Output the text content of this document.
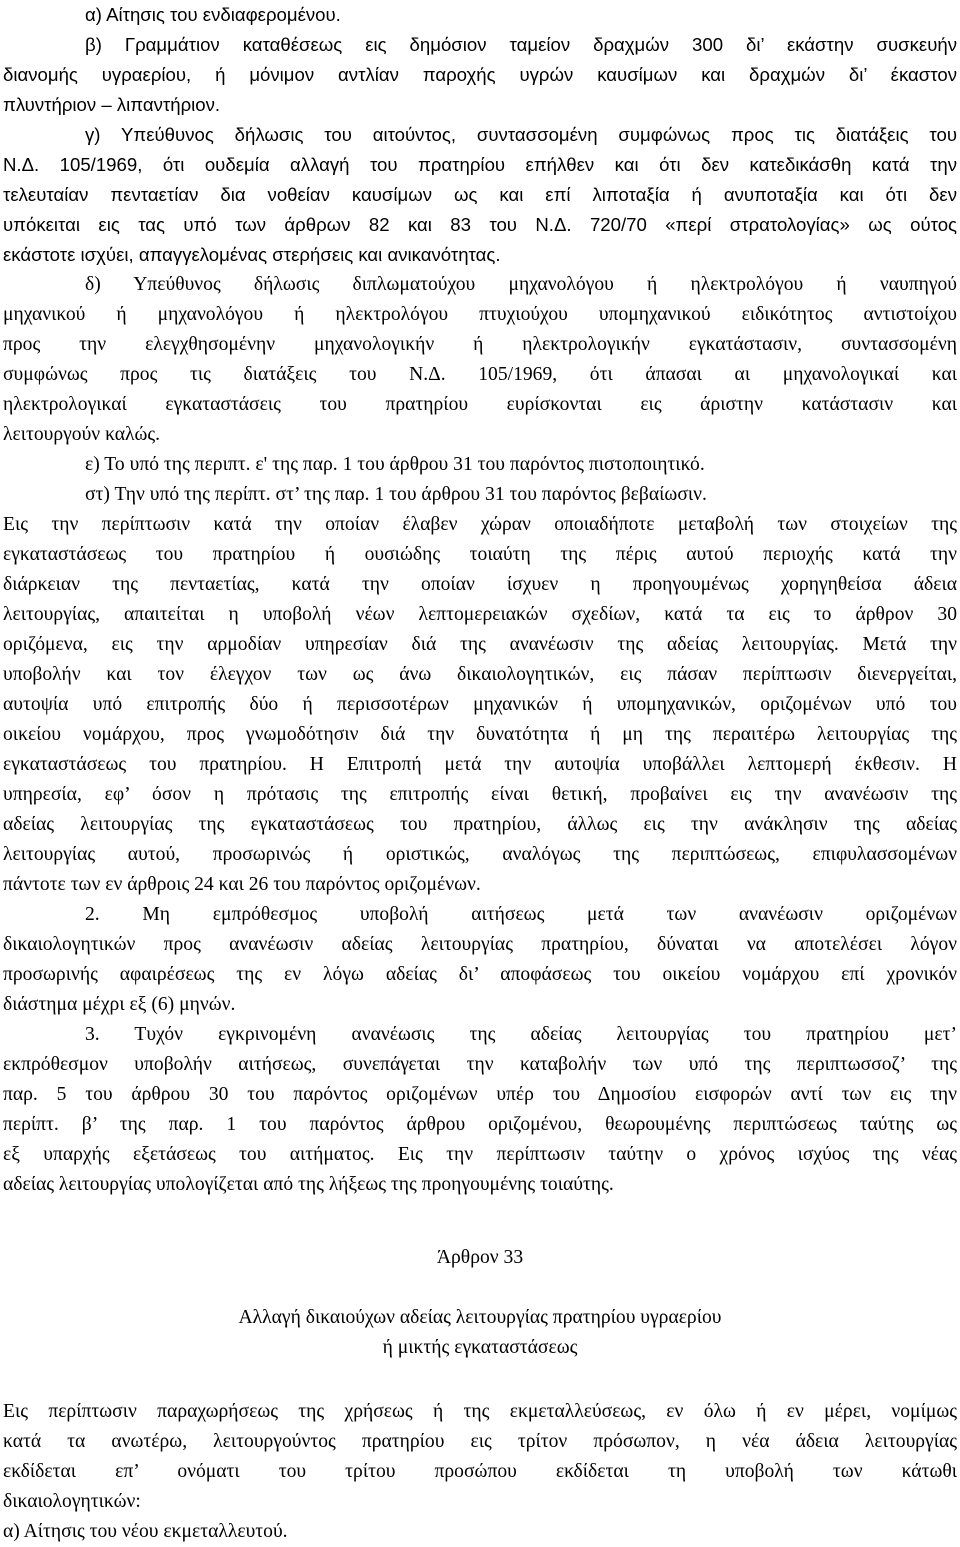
α) Αίτησις του ενδιαφερομένου.

β) Γραμμάτιον καταθέσεως εις δημόσιον ταμείον δραχμών 300 δι’ εκάστην συσκευήν

διανομής υγραερίου, ή μόνιμον αντλίαν παροχής υγρών καυσίμων και δραχμών δι’ έκαστον

πλυντήριον – λιπαντήριον.

γ) Υπεύθυνος δήλωσις του αιτούντος, συντασσομένη συμφώνως προς τις διατάξεις του

Ν.Δ. 105/1969, ότι ουδεμία αλλαγή του πρατηρίου επήλθεν και ότι δεν κατεδικάσθη κατά την

τελευταίαν πενταετίαν δια νοθείαν καυσίμων ως και επί λιποταξία ή ανυποταξία και ότι δεν

υπόκειται εις τας υπό των άρθρων 82 και 83 του Ν.Δ. 720/70 «περί στρατολογίας» ως ούτος

εκάστοτε ισχύει, απαγγελομένας στερήσεις και ανικανότητας.

δ) Υπεύθυνος δήλωσις διπλωματούχου μηχανολόγου ή ηλεκτρολόγου ή ναυπηγού

μηχανικού ή μηχανολόγου ή ηλεκτρολόγου πτυχιούχου υπομηχανικού ειδικότητος αντιστοίχου

προς την ελεγχθησομένην μηχανολογικήν ή ηλεκτρολογικήν εγκατάστασιν, συντασσομένη

συμφώνως προς τις διατάξεις του Ν.Δ. 105/1969, ότι άπασαι αι μηχανολογικαί και

ηλεκτρολογικαί εγκαταστάσεις του πρατηρίου ευρίσκονται εις άριστην κατάστασιν και

λειτουργούν καλώς.

ε) Το υπό της περιπτ. ε' της παρ. 1 του άρθρου 31 του παρόντος πιστοποιητικό.

στ) Την υπό της περίπτ. στ’ της παρ. 1 του άρθρου 31 του παρόντος βεβαίωσιν.

Εις την περίπτωσιν κατά την οποίαν έλαβεν χώραν οποιαδήποτε μεταβολή των στοιχείων της

εγκαταστάσεως του πρατηρίου ή ουσιώδης τοιαύτη της πέρις αυτού περιοχής κατά την

διάρκειαν της πενταετίας, κατά την οποίαν ίσχυεν η προηγουμένως χορηγηθείσα άδεια

λειτουργίας, απαιτείται η υποβολή νέων λεπτομερειακών σχεδίων, κατά τα εις το άρθρον 30

οριζόμενα, εις την αρμοδίαν υπηρεσίαν διά της ανανέωσιν της αδείας λειτουργίας. Μετά την

υποβολήν και τον έλεγχον των ως άνω δικαιολογητικών, εις πάσαν περίπτωσιν διενεργείται,

αυτοψία υπό επιτροπής δύο ή περισσοτέρων μηχανικών ή υπομηχανικών, οριζομένων υπό του

οικείου νομάρχου, προς γνωμοδότησιν διά την δυνατότητα ή μη της περαιτέρω λειτουργίας της

εγκαταστάσεως του πρατηρίου. Η Επιτροπή μετά την αυτοψία υποβάλλει λεπτομερή έκθεσιν. Η

υπηρεσία, εφ’ όσον η πρότασις της επιτροπής είναι θετική, προβαίνει εις την ανανέωσιν της

αδείας λειτουργίας της εγκαταστάσεως του πρατηρίου, άλλως εις την ανάκλησιν της αδείας

λειτουργίας αυτού, προσωρινώς ή οριστικώς, αναλόγως της περιπτώσεως, επιφυλασσομένων

πάντοτε των εν άρθροις 24 και 26 του παρόντος οριζομένων.

2. Μη εμπρόθεσμος υποβολή αιτήσεως μετά των ανανέωσιν οριζομένων

δικαιολογητικών προς ανανέωσιν αδείας λειτουργίας πρατηρίου, δύναται να αποτελέσει λόγον

προσωρινής αφαιρέσεως της εν λόγω αδείας δι’ αποφάσεως του οικείου νομάρχου επί χρονικόν

διάστημα μέχρι εξ (6) μηνών.

3. Τυχόν εγκρινομένη ανανέωσις της αδείας λειτουργίας του πρατηρίου μετ’

εκπρόθεσμον υποβολήν αιτήσεως, συνεπάγεται την καταβολήν των υπό της περιπτωσσοζ’ της

παρ. 5 του άρθρου 30 του παρόντος οριζομένων υπέρ του Δημοσίου εισφορών αντί των εις την

περίπτ. β’ της παρ. 1 του παρόντος άρθρου οριζομένου, θεωρουμένης περιπτώσεως ταύτης ως

εξ υπαρχής εξετάσεως του αιτήματος. Εις την περίπτωσιν ταύτην ο χρόνος ισχύος της νέας

αδείας λειτουργίας υπολογίζεται από της λήξεως της προηγουμένης τοιαύτης.

Άρθρον 33

Αλλαγή δικαιούχων αδείας λειτουργίας πρατηρίου υγραερίου

ή μικτής εγκαταστάσεως

Εις περίπτωσιν παραχωρήσεως της χρήσεως ή της εκμεταλλεύσεως, εν όλω ή εν μέρει, νομίμως

κατά τα ανωτέρω, λειτουργούντος πρατηρίου εις τρίτον πρόσωπον, η νέα άδεια λειτουργίας

εκδίδεται επ’ ονόματι του τρίτου προσώπου εκδίδεται τη υποβολή των κάτωθι

δικαιολογητικών:

α) Αίτησις του νέου εκμεταλλευτού.
